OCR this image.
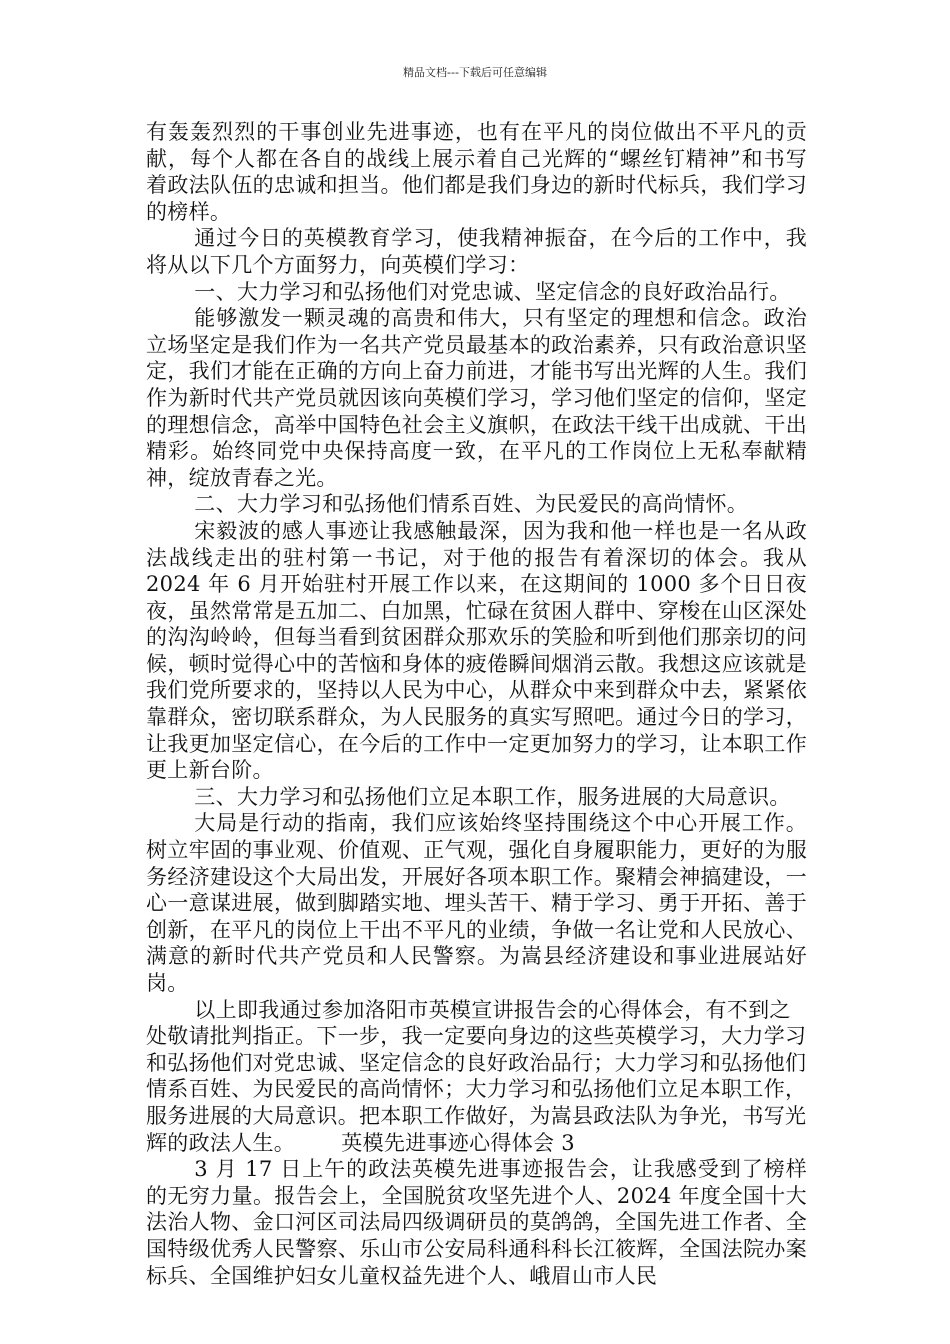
精品文档---下载后可任意编辑

有轰轰烈烈的干事创业先进事迹，也有在平凡的岗位做出不平凡的贡献，每个人都在各自的战线上展示着自己光辉的“螺丝钉精神”和书写着政法队伍的忠诚和担当。他们都是我们身边的新时代标兵，我们学习的榜样。

通过今日的英模教育学习，使我精神振奋，在今后的工作中，我将从以下几个方面努力，向英模们学习：

一、大力学习和弘扬他们对党忠诚、坚定信念的良好政治品行。

能够激发一颗灵魂的高贵和伟大，只有坚定的理想和信念。政治立场坚定是我们作为一名共产党员最基本的政治素养，只有政治意识坚定，我们才能在正确的方向上奋力前进，才能书写出光辉的人生。我们作为新时代共产党员就因该向英模们学习，学习他们坚定的信仰，坚定的理想信念，高举中国特色社会主义旗帜，在政法干线干出成就、干出精彩。始终同党中央保持高度一致，在平凡的工作岗位上无私奉献精神，绽放青春之光。

二、大力学习和弘扬他们情系百姓、为民爱民的高尚情怀。

宋毅波的感人事迹让我感触最深，因为我和他一样也是一名从政法战线走出的驻村第一书记，对于他的报告有着深切的体会。我从 2024 年 6 月开始驻村开展工作以来，在这期间的 1000 多个日日夜夜，虽然常常是五加二、白加黑，忙碌在贫困人群中、穿梭在山区深处的沟沟岭岭，但每当看到贫困群众那欢乐的笑脸和听到他们那亲切的问候，顿时觉得心中的苦恼和身体的疲倦瞬间烟消云散。我想这应该就是我们党所要求的，坚持以人民为中心，从群众中来到群众中去，紧紧依靠群众，密切联系群众，为人民服务的真实写照吧。通过今日的学习，让我更加坚定信心，在今后的工作中一定更加努力的学习，让本职工作更上新台阶。

三、大力学习和弘扬他们立足本职工作，服务进展的大局意识。

大局是行动的指南，我们应该始终坚持围绕这个中心开展工作。树立牢固的事业观、价值观、正气观，强化自身履职能力，更好的为服务经济建设这个大局出发，开展好各项本职工作。聚精会神搞建设，一心一意谋进展，做到脚踏实地、埋头苦干、精于学习、勇于开拓、善于创新，在平凡的岗位上干出不平凡的业绩，争做一名让党和人民放心、满意的新时代共产党员和人民警察。为嵩县经济建设和事业进展站好岗。

以上即我通过参加洛阳市英模宣讲报告会的心得体会，有不到之处敬请批判指正。下一步，我一定要向身边的这些英模学习，大力学习和弘扬他们对党忠诚、坚定信念的良好政治品行；大力学习和弘扬他们情系百姓、为民爱民的高尚情怀；大力学习和弘扬他们立足本职工作，服务进展的大局意识。把本职工作做好，为嵩县政法队为争光，书写光辉的政法人生。 英模先进事迹心得体会 3

3 月 17 日上午的政法英模先进事迹报告会，让我感受到了榜样的无穷力量。报告会上，全国脱贫攻坚先进个人、2024 年度全国十大法治人物、金口河区司法局四级调研员的莫鸽鸽，全国先进工作者、全国特级优秀人民警察、乐山市公安局科通科科长江筱辉，全国法院办案标兵、全国维护妇女儿童权益先进个人、峨眉山市人民
